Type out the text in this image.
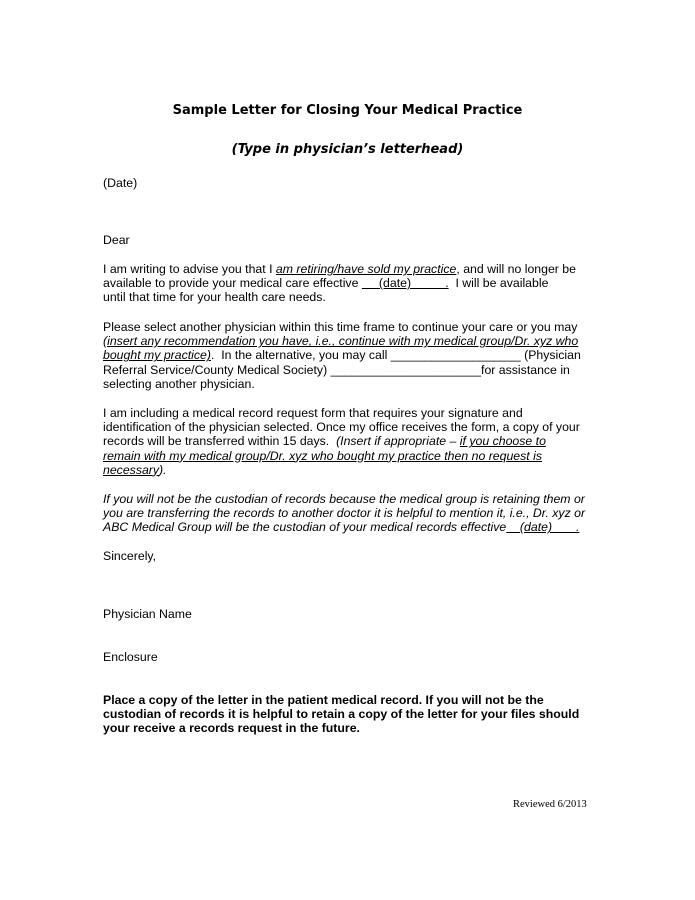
Sample Letter for Closing Your Medical Practice
(Type in physician’s letterhead)
(Date)
Dear
I am writing to advise you that I am retiring/have sold my practice, and will no longer be
available to provide your medical care effective      (date)          .  I will be available
until that time for your health care needs.
Please select another physician within this time frame to continue your care or you may
(insert any recommendation you have, i.e., continue with my medical group/Dr. xyz who
bought my practice).  In the alternative, you may call ___________________ (Physician
Referral Service/County Medical Society) ______________________for assistance in
selecting another physician.
I am including a medical record request form that requires your signature and
identification of the physician selected. Once my office receives the form, a copy of your
records will be transferred within 15 days.  (Insert if appropriate – if you choose to
remain with my medical group/Dr. xyz who bought my practice then no request is
necessary).
If you will not be the custodian of records because the medical group is retaining them or
you are transferring the records to another doctor it is helpful to mention it, i.e., Dr. xyz or
ABC Medical Group will be the custodian of your medical records effective    (date)       .
Sincerely,
Physician Name
Enclosure
Place a copy of the letter in the patient medical record. If you will not be the
custodian of records it is helpful to retain a copy of the letter for your files should
your receive a records request in the future.
Reviewed 6/2013
